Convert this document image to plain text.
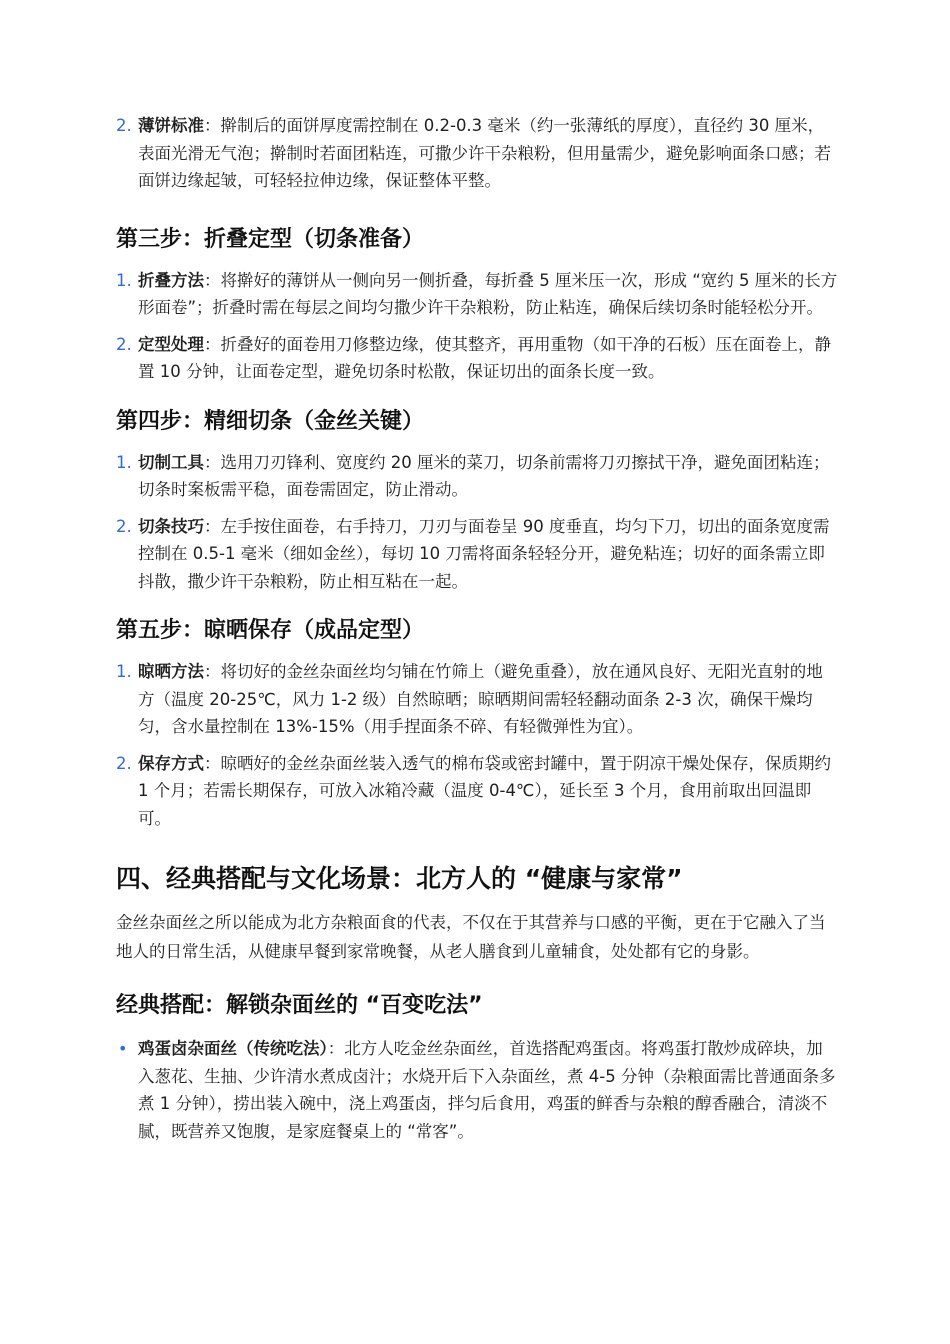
2. 薄饼标准：擀制后的面饼厚度需控制在 0.2-0.3 毫米（约一张薄纸的厚度），直径约 30 厘米，表面光滑无气泡；擀制时若面团粘连，可撒少许干杂粮粉，但用量需少，避免影响面条口感；若面饼边缘起皱，可轻轻拉伸边缘，保证整体平整。
第三步：折叠定型（切条准备）
1. 折叠方法：将擀好的薄饼从一侧向另一侧折叠，每折叠 5 厘米压一次，形成 “宽约 5 厘米的长方形面卷”；折叠时需在每层之间均匀撒少许干杂粮粉，防止粘连，确保后续切条时能轻松分开。
2. 定型处理：折叠好的面卷用刀修整边缘，使其整齐，再用重物（如干净的石板）压在面卷上，静置 10 分钟，让面卷定型，避免切条时松散，保证切出的面条长度一致。
第四步：精细切条（金丝关键）
1. 切制工具：选用刀刃锋利、宽度约 20 厘米的菜刀，切条前需将刀刃擦拭干净，避免面团粘连；切条时案板需平稳，面卷需固定，防止滑动。
2. 切条技巧：左手按住面卷，右手持刀，刀刃与面卷呈 90 度垂直，均匀下刀，切出的面条宽度需控制在 0.5-1 毫米（细如金丝），每切 10 刀需将面条轻轻分开，避免粘连；切好的面条需立即抖散，撒少许干杂粮粉，防止相互粘在一起。
第五步：晾晒保存（成品定型）
1. 晾晒方法：将切好的金丝杂面丝均匀铺在竹筛上（避免重叠），放在通风良好、无阳光直射的地方（温度 20-25℃，风力 1-2 级）自然晾晒；晾晒期间需轻轻翻动面条 2-3 次，确保干燥均匀，含水量控制在 13%-15%（用手捏面条不碎、有轻微弹性为宜）。
2. 保存方式：晾晒好的金丝杂面丝装入透气的棉布袋或密封罐中，置于阴凉干燥处保存，保质期约 1 个月；若需长期保存，可放入冰箱冷藏（温度 0-4℃），延长至 3 个月，食用前取出回温即可。
四、经典搭配与文化场景：北方人的 “健康与家常”

金丝杂面丝之所以能成为北方杂粮面食的代表，不仅在于其营养与口感的平衡，更在于它融入了当地人的日常生活，从健康早餐到家常晚餐，从老人膳食到儿童辅食，处处都有它的身影。

经典搭配：解锁杂面丝的 “百变吃法”
• 鸡蛋卤杂面丝（传统吃法）：北方人吃金丝杂面丝，首选搭配鸡蛋卤。将鸡蛋打散炒成碎块，加入葱花、生抽、少许清水煮成卤汁；水烧开后下入杂面丝，煮 4-5 分钟（杂粮面需比普通面条多煮 1 分钟），捞出装入碗中，浇上鸡蛋卤，拌匀后食用，鸡蛋的鲜香与杂粮的醇香融合，清淡不腻，既营养又饱腹，是家庭餐桌上的 “常客”。
